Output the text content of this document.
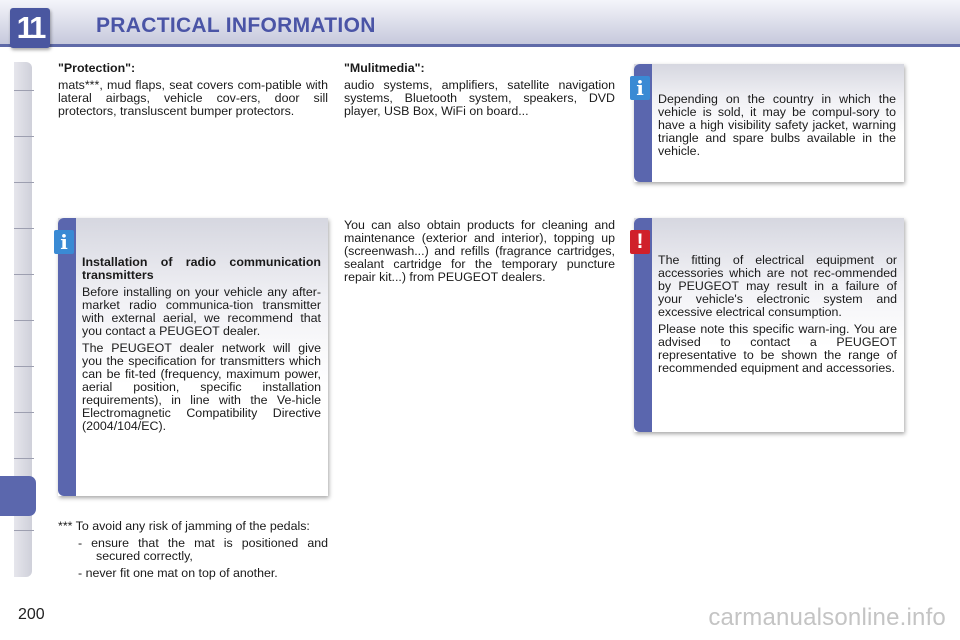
11	PRACTICAL INFORMATION

"Protection":

mats***, mud flaps, seat covers com-patible with lateral airbags, vehicle cov-ers, door sill protectors, transluscent bumper protectors.

"Mulitmedia":

audio systems, amplifiers, satellite navigation systems, Bluetooth system, speakers, DVD player, USB Box, WiFi on board...

i	Depending on the country in which the vehicle is sold, it may be compul-sory to have a high visibility safety jacket, warning triangle and spare bulbs available in the vehicle.
i

Installation of radio communication transmitters

Before installing on your vehicle any after-market radio communica-tion transmitter with external aerial, we recommend that you contact a PEUGEOT dealer.

The PEUGEOT dealer network will give you the specification for transmitters which can be fit-ted (frequency, maximum power, aerial position, specific installation requirements), in line with the Ve-hicle Electromagnetic Compatibility Directive (2004/104/EC).

You can also obtain products for cleaning and maintenance (exterior and interior), topping up (screenwash...) and refills (fragrance cartridges, sealant cartridge for the temporary puncture repair kit...) from PEUGEOT dealers.

!

The fitting of electrical equipment or accessories which are not rec-ommended by PEUGEOT may result in a failure of your vehicle's electronic system and excessive electrical consumption.

Please note this specific warn-ing. You are advised to contact a PEUGEOT representative to be shown the range of recommended equipment and accessories.

*** To avoid any risk of jamming of the pedals:

- ensure that the mat is positioned and secured correctly,

- never fit one mat on top of another.

200	carmanualsonline.info
